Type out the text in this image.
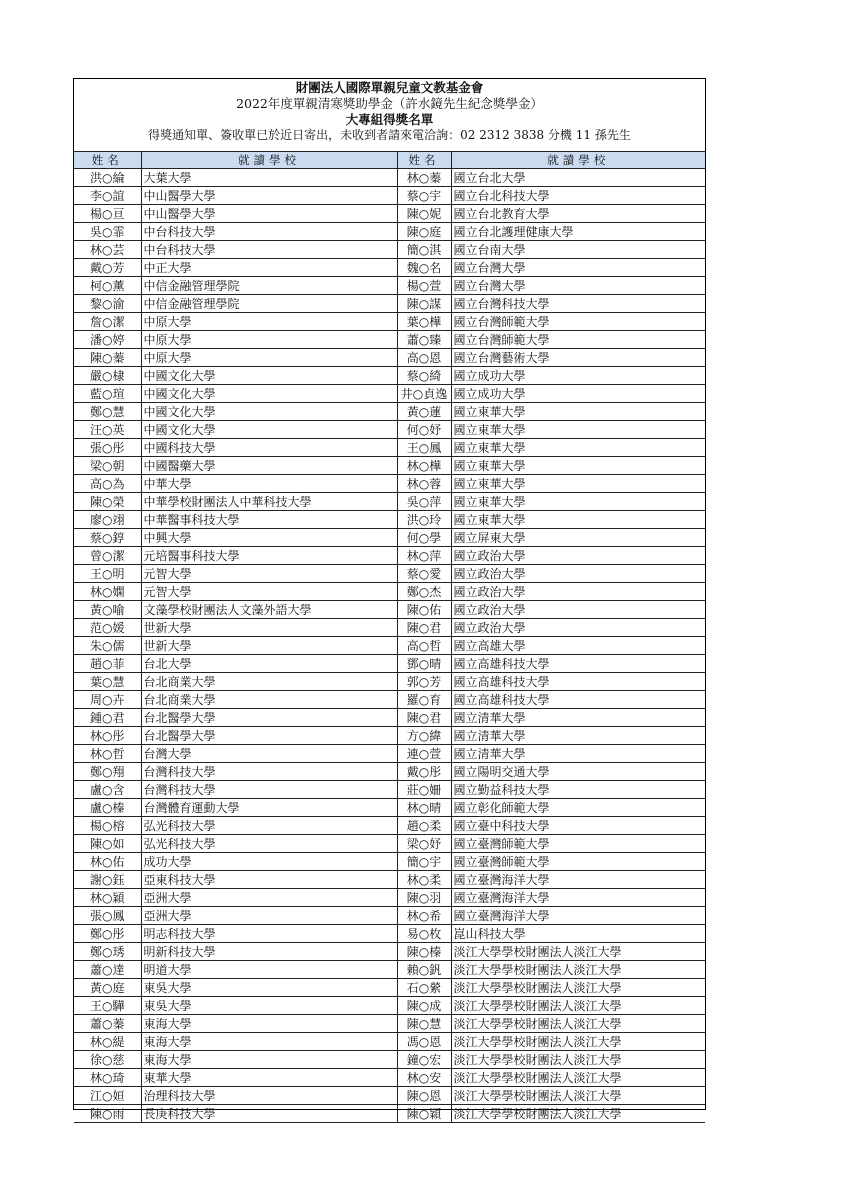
財團法人國際單親兒童文教基金會
2022年度單親清寒獎助學金（許水鏡先生紀念獎學金）
大專組得獎名單
得獎通知單、簽收單已於近日寄出，未收到者請來電洽詢：02 2312 3838 分機 11 孫先生
姓名	就讀學校	姓名	就讀學校
洪○綸	大葉大學	林○蓁	國立台北大學
李○誼	中山醫學大學	蔡○宇	國立台北科技大學
楊○亘	中山醫學大學	陳○妮	國立台北教育大學
吳○霏	中台科技大學	陳○庭	國立台北護理健康大學
林○芸	中台科技大學	簡○淇	國立台南大學
戴○芳	中正大學	魏○名	國立台灣大學
柯○薰	中信金融管理學院	楊○萱	國立台灣大學
黎○渝	中信金融管理學院	陳○謀	國立台灣科技大學
詹○潔	中原大學	葉○樺	國立台灣師範大學
潘○婷	中原大學	蕭○臻	國立台灣師範大學
陳○蓁	中原大學	高○恩	國立台灣藝術大學
嚴○棣	中國文化大學	蔡○綺	國立成功大學
藍○瑄	中國文化大學	井○貞逸	國立成功大學
鄭○慧	中國文化大學	黃○蓮	國立東華大學
汪○英	中國文化大學	何○妤	國立東華大學
張○彤	中國科技大學	王○鳳	國立東華大學
梁○朝	中國醫藥大學	林○樺	國立東華大學
高○為	中華大學	林○蓉	國立東華大學
陳○榮	中華學校財團法人中華科技大學	吳○萍	國立東華大學
廖○翊	中華醫事科技大學	洪○玲	國立東華大學
蔡○錞	中興大學	何○學	國立屏東大學
曾○潔	元培醫事科技大學	林○萍	國立政治大學
王○明	元智大學	蔡○愛	國立政治大學
林○嫻	元智大學	鄭○杰	國立政治大學
黃○喻	文藻學校財團法人文藻外語大學	陳○佑	國立政治大學
范○媛	世新大學	陳○君	國立政治大學
朱○儒	世新大學	高○哲	國立高雄大學
趙○菲	台北大學	鄧○晴	國立高雄科技大學
葉○慧	台北商業大學	郭○芳	國立高雄科技大學
周○卉	台北商業大學	羅○育	國立高雄科技大學
鍾○君	台北醫學大學	陳○君	國立清華大學
林○彤	台北醫學大學	方○緯	國立清華大學
林○哲	台灣大學	連○萱	國立清華大學
鄭○翔	台灣科技大學	戴○彤	國立陽明交通大學
盧○含	台灣科技大學	莊○姍	國立勤益科技大學
盧○榛	台灣體育運動大學	林○晴	國立彰化師範大學
楊○榕	弘光科技大學	趙○柔	國立臺中科技大學
陳○如	弘光科技大學	梁○妤	國立臺灣師範大學
林○佑	成功大學	簡○宇	國立臺灣師範大學
謝○鈺	亞東科技大學	林○柔	國立臺灣海洋大學
林○穎	亞洲大學	陳○羽	國立臺灣海洋大學
張○鳳	亞洲大學	林○希	國立臺灣海洋大學
鄭○彤	明志科技大學	易○枚	崑山科技大學
鄭○琇	明新科技大學	陳○榛	淡江大學學校財團法人淡江大學
蕭○達	明道大學	賴○釩	淡江大學學校財團法人淡江大學
黃○庭	東吳大學	石○縈	淡江大學學校財團法人淡江大學
王○驊	東吳大學	陳○成	淡江大學學校財團法人淡江大學
蕭○蓁	東海大學	陳○慧	淡江大學學校財團法人淡江大學
林○緹	東海大學	馮○恩	淡江大學學校財團法人淡江大學
徐○慈	東海大學	鐘○宏	淡江大學學校財團法人淡江大學
林○琦	東華大學	林○安	淡江大學學校財團法人淡江大學
江○姮	治理科技大學	陳○恩	淡江大學學校財團法人淡江大學
陳○雨	長庚科技大學	陳○穎	淡江大學學校財團法人淡江大學
